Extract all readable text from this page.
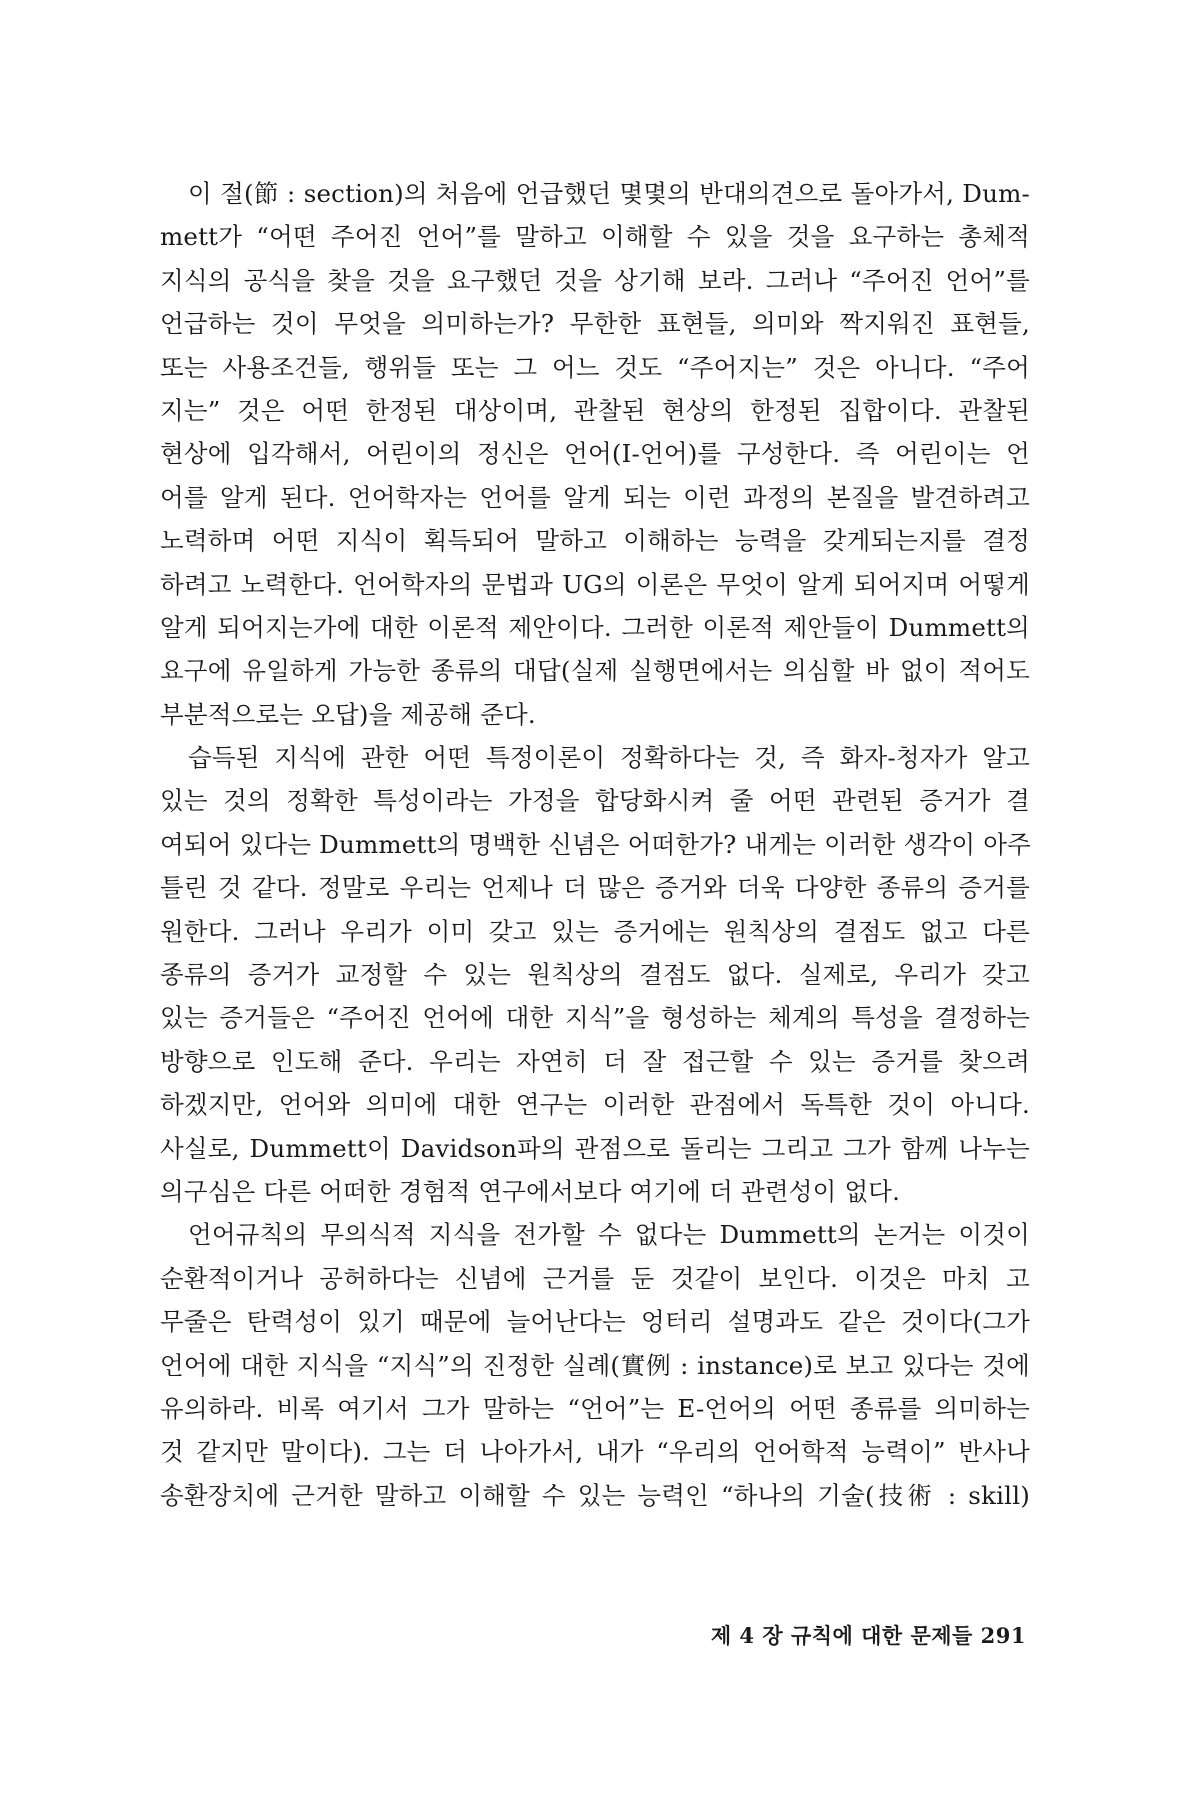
이 절(節 : section)의 처음에 언급했던 몇몇의 반대의견으로 돌아가서, Dum-
mett가 “어떤 주어진 언어”를 말하고 이해할 수 있을 것을 요구하는 총체적
지식의 공식을 찾을 것을 요구했던 것을 상기해 보라. 그러나 “주어진 언어”를
언급하는 것이 무엇을 의미하는가? 무한한 표현들, 의미와 짝지워진 표현들,
또는 사용조건들, 행위들 또는 그 어느 것도 “주어지는” 것은 아니다. “주어
지는” 것은 어떤 한정된 대상이며, 관찰된 현상의 한정된 집합이다. 관찰된
현상에 입각해서, 어린이의 정신은 언어(I-언어)를 구성한다. 즉 어린이는 언
어를 알게 된다. 언어학자는 언어를 알게 되는 이런 과정의 본질을 발견하려고
노력하며 어떤 지식이 획득되어 말하고 이해하는 능력을 갖게되는지를 결정
하려고 노력한다. 언어학자의 문법과 UG의 이론은 무엇이 알게 되어지며 어떻게
알게 되어지는가에 대한 이론적 제안이다. 그러한 이론적 제안들이 Dummett의
요구에 유일하게 가능한 종류의 대답(실제 실행면에서는 의심할 바 없이 적어도
부분적으로는 오답)을 제공해 준다.
습득된 지식에 관한 어떤 특정이론이 정확하다는 것, 즉 화자-청자가 알고
있는 것의 정확한 특성이라는 가정을 합당화시켜 줄 어떤 관련된 증거가 결
여되어 있다는 Dummett의 명백한 신념은 어떠한가? 내게는 이러한 생각이 아주
틀린 것 같다. 정말로 우리는 언제나 더 많은 증거와 더욱 다양한 종류의 증거를
원한다. 그러나 우리가 이미 갖고 있는 증거에는 원칙상의 결점도 없고 다른
종류의 증거가 교정할 수 있는 원칙상의 결점도 없다. 실제로, 우리가 갖고
있는 증거들은 “주어진 언어에 대한 지식”을 형성하는 체계의 특성을 결정하는
방향으로 인도해 준다. 우리는 자연히 더 잘 접근할 수 있는 증거를 찾으려
하겠지만, 언어와 의미에 대한 연구는 이러한 관점에서 독특한 것이 아니다.
사실로, Dummett이 Davidson파의 관점으로 돌리는 그리고 그가 함께 나누는
의구심은 다른 어떠한 경험적 연구에서보다 여기에 더 관련성이 없다.
언어규칙의 무의식적 지식을 전가할 수 없다는 Dummett의 논거는 이것이
순환적이거나 공허하다는 신념에 근거를 둔 것같이 보인다. 이것은 마치 고
무줄은 탄력성이 있기 때문에 늘어난다는 엉터리 설명과도 같은 것이다(그가
언어에 대한 지식을 “지식”의 진정한 실례(實例 : instance)로 보고 있다는 것에
유의하라. 비록 여기서 그가 말하는 “언어”는 E-언어의 어떤 종류를 의미하는
것 같지만 말이다). 그는 더 나아가서, 내가 “우리의 언어학적 능력이” 반사나
송환장치에 근거한 말하고 이해할 수 있는 능력인 “하나의 기술(技術 : skill)
제 4 장 규칙에 대한 문제들 291
